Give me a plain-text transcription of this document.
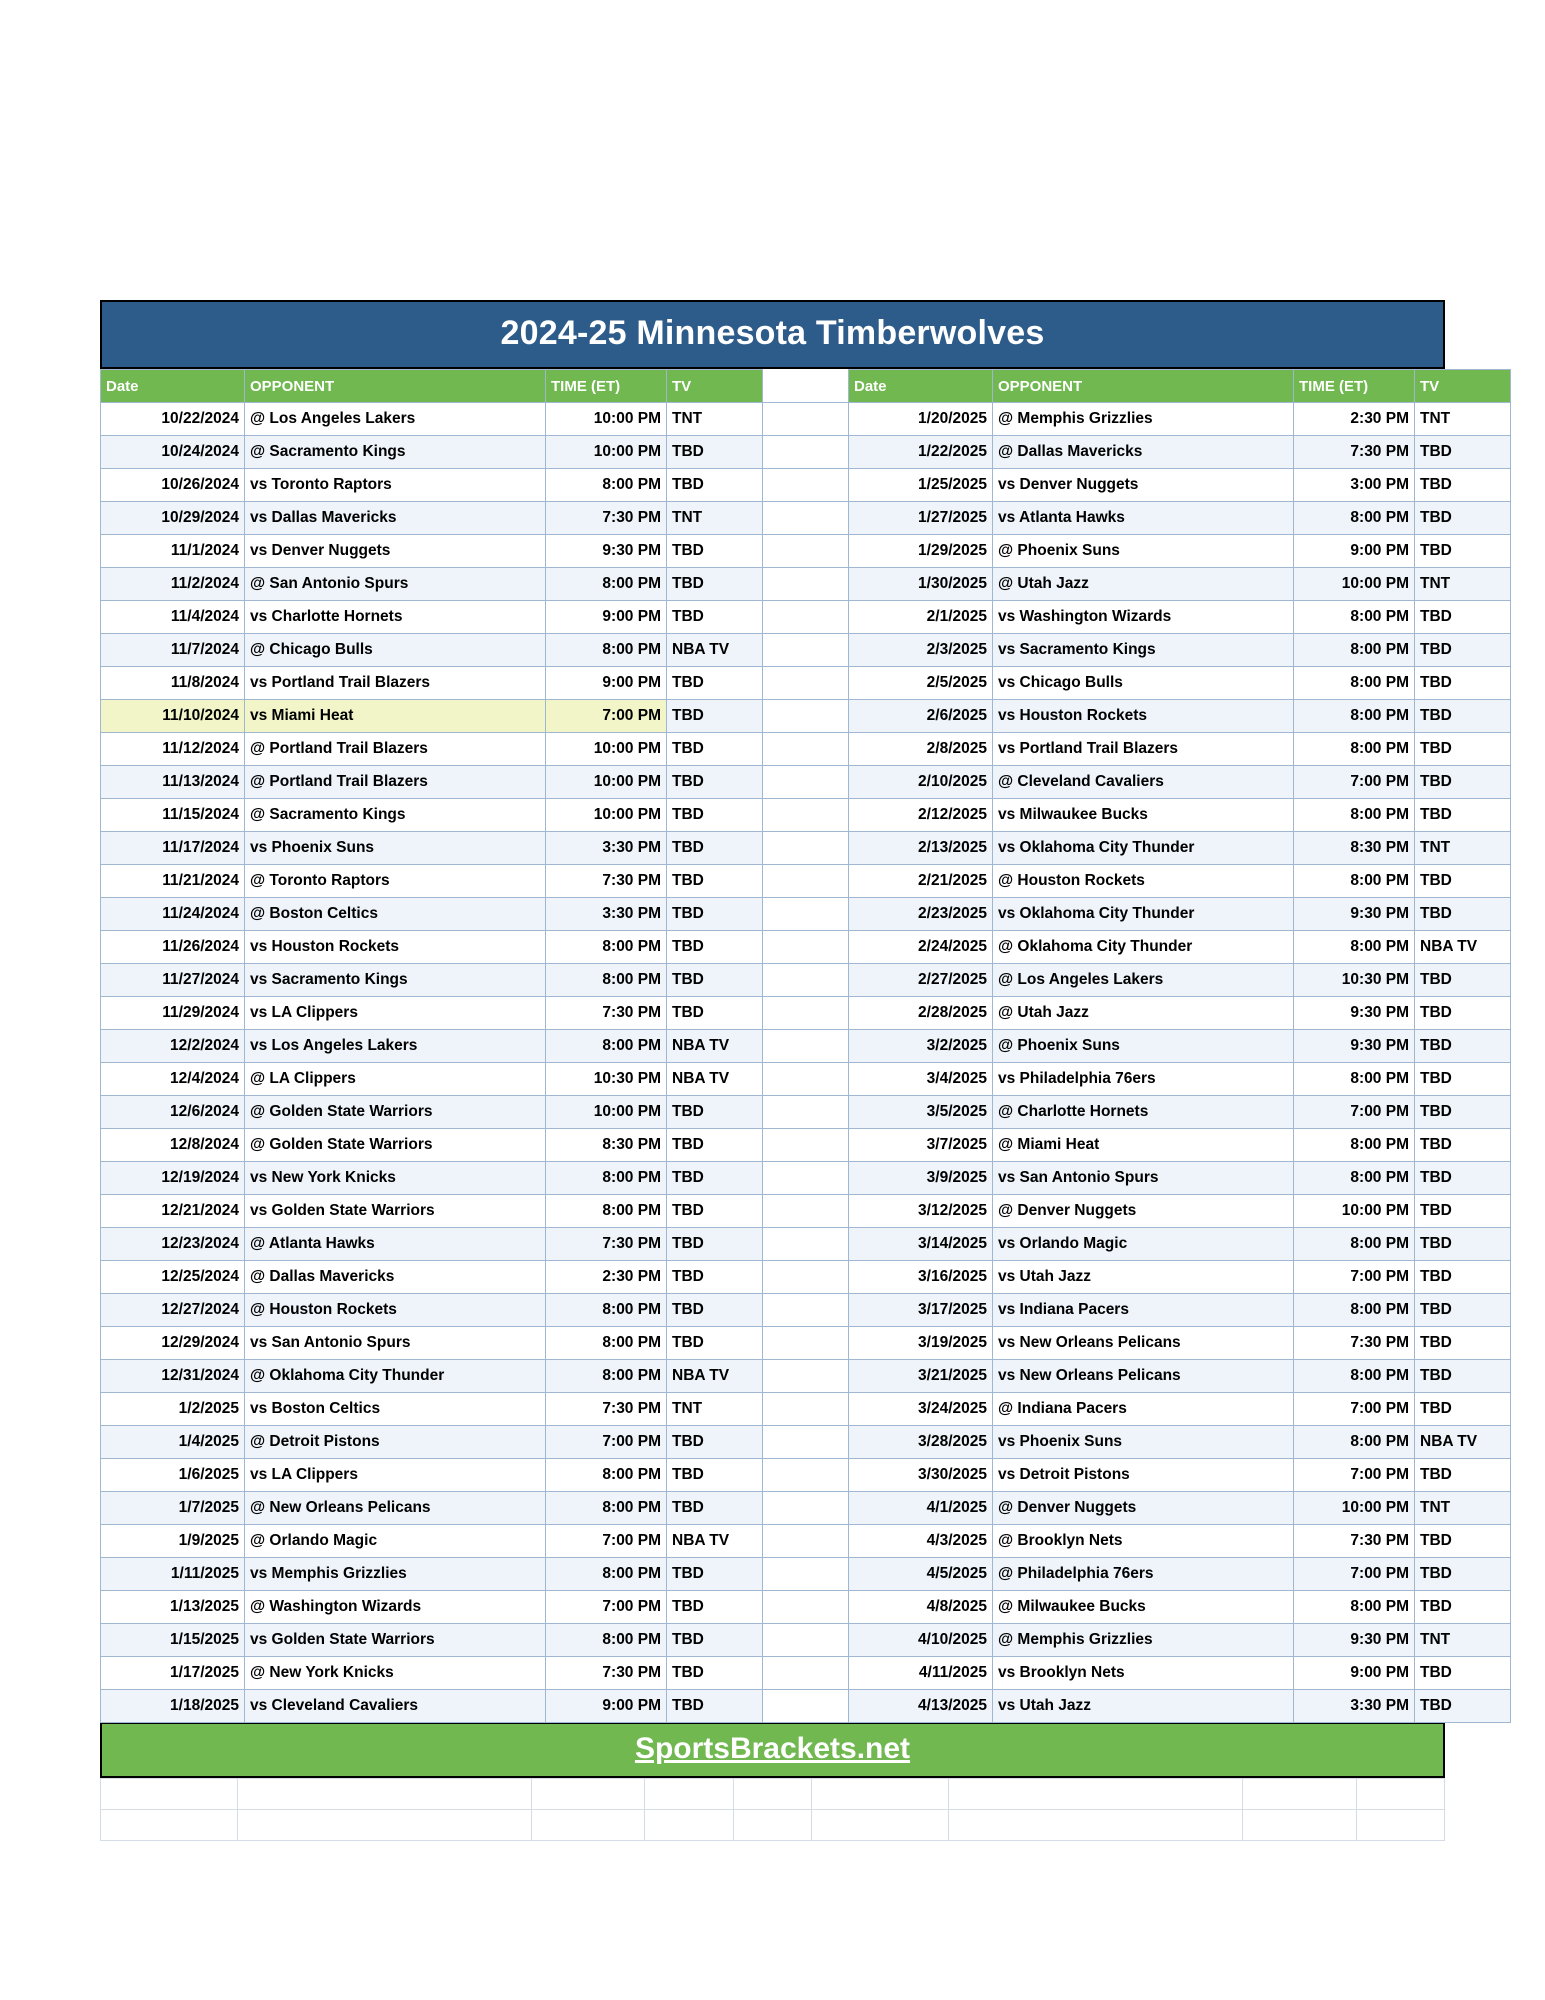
2024-25 Minnesota Timberwolves
Date	OPPONENT	TIME (ET)	TV		Date	OPPONENT	TIME (ET)	TV
10/22/2024	@ Los Angeles Lakers	10:00 PM	TNT		1/20/2025	@ Memphis Grizzlies	2:30 PM	TNT
10/24/2024	@ Sacramento Kings	10:00 PM	TBD		1/22/2025	@ Dallas Mavericks	7:30 PM	TBD
10/26/2024	vs Toronto Raptors	8:00 PM	TBD		1/25/2025	vs Denver Nuggets	3:00 PM	TBD
10/29/2024	vs Dallas Mavericks	7:30 PM	TNT		1/27/2025	vs Atlanta Hawks	8:00 PM	TBD
11/1/2024	vs Denver Nuggets	9:30 PM	TBD		1/29/2025	@ Phoenix Suns	9:00 PM	TBD
11/2/2024	@ San Antonio Spurs	8:00 PM	TBD		1/30/2025	@ Utah Jazz	10:00 PM	TNT
11/4/2024	vs Charlotte Hornets	9:00 PM	TBD		2/1/2025	vs Washington Wizards	8:00 PM	TBD
11/7/2024	@ Chicago Bulls	8:00 PM	NBA TV		2/3/2025	vs Sacramento Kings	8:00 PM	TBD
11/8/2024	vs Portland Trail Blazers	9:00 PM	TBD		2/5/2025	vs Chicago Bulls	8:00 PM	TBD
11/10/2024	vs Miami Heat	7:00 PM	TBD		2/6/2025	vs Houston Rockets	8:00 PM	TBD
11/12/2024	@ Portland Trail Blazers	10:00 PM	TBD		2/8/2025	vs Portland Trail Blazers	8:00 PM	TBD
11/13/2024	@ Portland Trail Blazers	10:00 PM	TBD		2/10/2025	@ Cleveland Cavaliers	7:00 PM	TBD
11/15/2024	@ Sacramento Kings	10:00 PM	TBD		2/12/2025	vs Milwaukee Bucks	8:00 PM	TBD
11/17/2024	vs Phoenix Suns	3:30 PM	TBD		2/13/2025	vs Oklahoma City Thunder	8:30 PM	TNT
11/21/2024	@ Toronto Raptors	7:30 PM	TBD		2/21/2025	@ Houston Rockets	8:00 PM	TBD
11/24/2024	@ Boston Celtics	3:30 PM	TBD		2/23/2025	vs Oklahoma City Thunder	9:30 PM	TBD
11/26/2024	vs Houston Rockets	8:00 PM	TBD		2/24/2025	@ Oklahoma City Thunder	8:00 PM	NBA TV
11/27/2024	vs Sacramento Kings	8:00 PM	TBD		2/27/2025	@ Los Angeles Lakers	10:30 PM	TBD
11/29/2024	vs LA Clippers	7:30 PM	TBD		2/28/2025	@ Utah Jazz	9:30 PM	TBD
12/2/2024	vs Los Angeles Lakers	8:00 PM	NBA TV		3/2/2025	@ Phoenix Suns	9:30 PM	TBD
12/4/2024	@ LA Clippers	10:30 PM	NBA TV		3/4/2025	vs Philadelphia 76ers	8:00 PM	TBD
12/6/2024	@ Golden State Warriors	10:00 PM	TBD		3/5/2025	@ Charlotte Hornets	7:00 PM	TBD
12/8/2024	@ Golden State Warriors	8:30 PM	TBD		3/7/2025	@ Miami Heat	8:00 PM	TBD
12/19/2024	vs New York Knicks	8:00 PM	TBD		3/9/2025	vs San Antonio Spurs	8:00 PM	TBD
12/21/2024	vs Golden State Warriors	8:00 PM	TBD		3/12/2025	@ Denver Nuggets	10:00 PM	TBD
12/23/2024	@ Atlanta Hawks	7:30 PM	TBD		3/14/2025	vs Orlando Magic	8:00 PM	TBD
12/25/2024	@ Dallas Mavericks	2:30 PM	TBD		3/16/2025	vs Utah Jazz	7:00 PM	TBD
12/27/2024	@ Houston Rockets	8:00 PM	TBD		3/17/2025	vs Indiana Pacers	8:00 PM	TBD
12/29/2024	vs San Antonio Spurs	8:00 PM	TBD		3/19/2025	vs New Orleans Pelicans	7:30 PM	TBD
12/31/2024	@ Oklahoma City Thunder	8:00 PM	NBA TV		3/21/2025	vs New Orleans Pelicans	8:00 PM	TBD
1/2/2025	vs Boston Celtics	7:30 PM	TNT		3/24/2025	@ Indiana Pacers	7:00 PM	TBD
1/4/2025	@ Detroit Pistons	7:00 PM	TBD		3/28/2025	vs Phoenix Suns	8:00 PM	NBA TV
1/6/2025	vs LA Clippers	8:00 PM	TBD		3/30/2025	vs Detroit Pistons	7:00 PM	TBD
1/7/2025	@ New Orleans Pelicans	8:00 PM	TBD		4/1/2025	@ Denver Nuggets	10:00 PM	TNT
1/9/2025	@ Orlando Magic	7:00 PM	NBA TV		4/3/2025	@ Brooklyn Nets	7:30 PM	TBD
1/11/2025	vs Memphis Grizzlies	8:00 PM	TBD		4/5/2025	@ Philadelphia 76ers	7:00 PM	TBD
1/13/2025	@ Washington Wizards	7:00 PM	TBD		4/8/2025	@ Milwaukee Bucks	8:00 PM	TBD
1/15/2025	vs Golden State Warriors	8:00 PM	TBD		4/10/2025	@ Memphis Grizzlies	9:30 PM	TNT
1/17/2025	@ New York Knicks	7:30 PM	TBD		4/11/2025	vs Brooklyn Nets	9:00 PM	TBD
1/18/2025	vs Cleveland Cavaliers	9:00 PM	TBD		4/13/2025	vs Utah Jazz	3:30 PM	TBD
SportsBrackets.net
